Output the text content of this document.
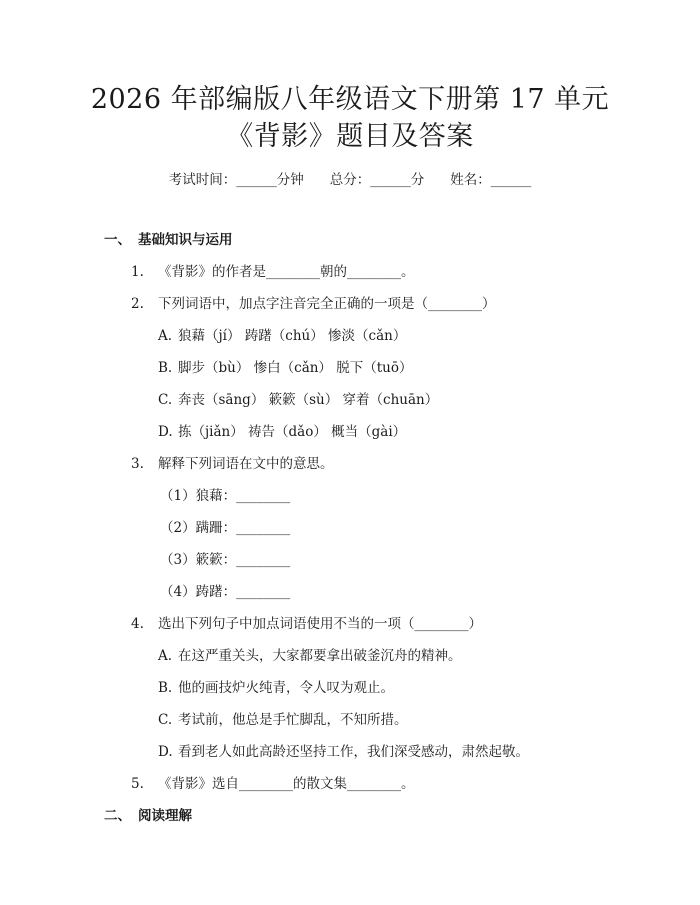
2026 年部编版八年级语文下册第 17 单元
《背影》题目及答案
考试时间：______分钟 总分：______分 姓名：______
一、 基础知识与运用
1. 《背影》的作者是________朝的________。
2. 下列词语中，加点字注音完全正确的一项是（________）
A. 狼藉（jí） 踌躇（chú） 惨淡（cǎn）
B. 脚步（bù） 惨白（cǎn） 脱下（tuō）
C. 奔丧（sāng） 簌簌（sù） 穿着（chuān）
D. 拣（jiǎn） 祷告（dǎo） 概当（gài）
3. 解释下列词语在文中的意思。
（1）狼藉：________
（2）蹒跚：________
（3）簌簌：________
（4）踌躇：________
4. 选出下列句子中加点词语使用不当的一项（________）
A. 在这严重关头，大家都要拿出破釜沉舟的精神。
B. 他的画技炉火纯青，令人叹为观止。
C. 考试前，他总是手忙脚乱，不知所措。
D. 看到老人如此高龄还坚持工作，我们深受感动，肃然起敬。
5. 《背影》选自________的散文集________。
二、 阅读理解
